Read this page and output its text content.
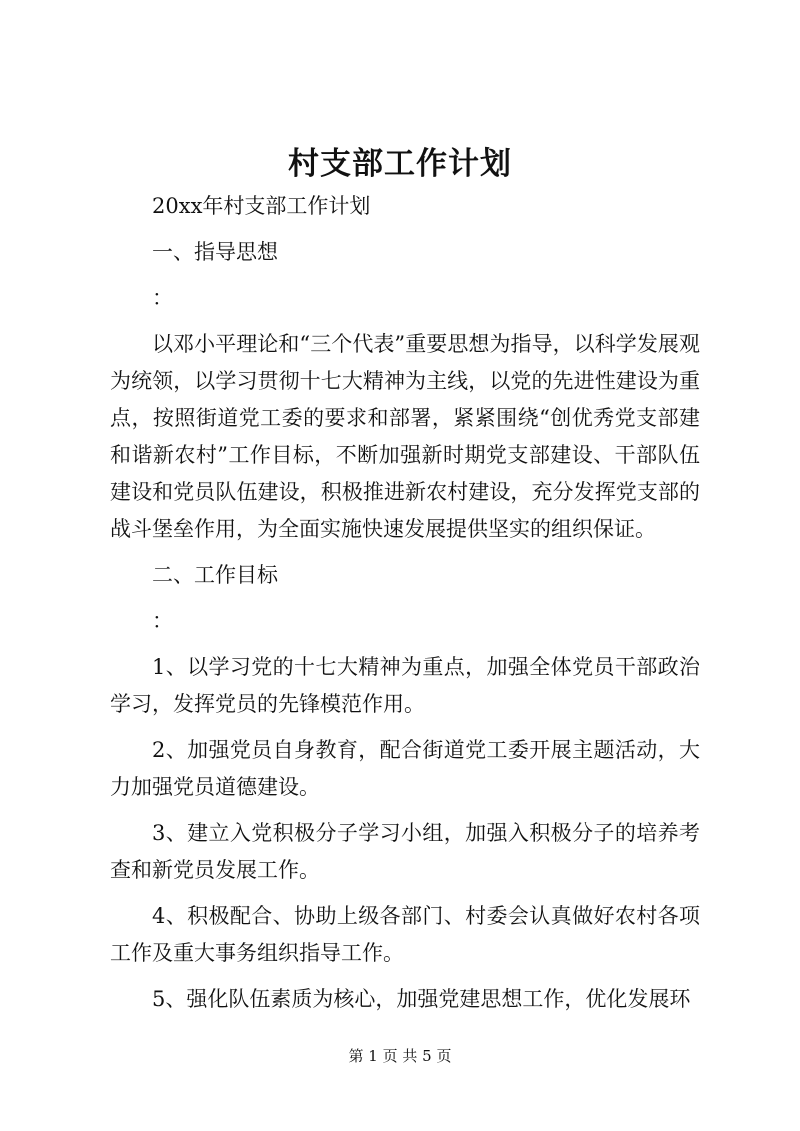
村支部工作计划

20xx年村支部工作计划

一、指导思想

：

以邓小平理论和“三个代表”重要思想为指导，以科学发展观为统领，以学习贯彻十七大精神为主线，以党的先进性建设为重点，按照街道党工委的要求和部署，紧紧围绕“创优秀党支部建和谐新农村”工作目标，不断加强新时期党支部建设、干部队伍建设和党员队伍建设，积极推进新农村建设，充分发挥党支部的战斗堡垒作用，为全面实施快速发展提供坚实的组织保证。

二、工作目标

：

1、以学习党的十七大精神为重点，加强全体党员干部政治学习，发挥党员的先锋模范作用。

2、加强党员自身教育，配合街道党工委开展主题活动，大力加强党员道德建设。

3、建立入党积极分子学习小组，加强入积极分子的培养考查和新党员发展工作。

4、积极配合、协助上级各部门、村委会认真做好农村各项工作及重大事务组织指导工作。

5、强化队伍素质为核心，加强党建思想工作，优化发展环

第 1 页 共 5 页
